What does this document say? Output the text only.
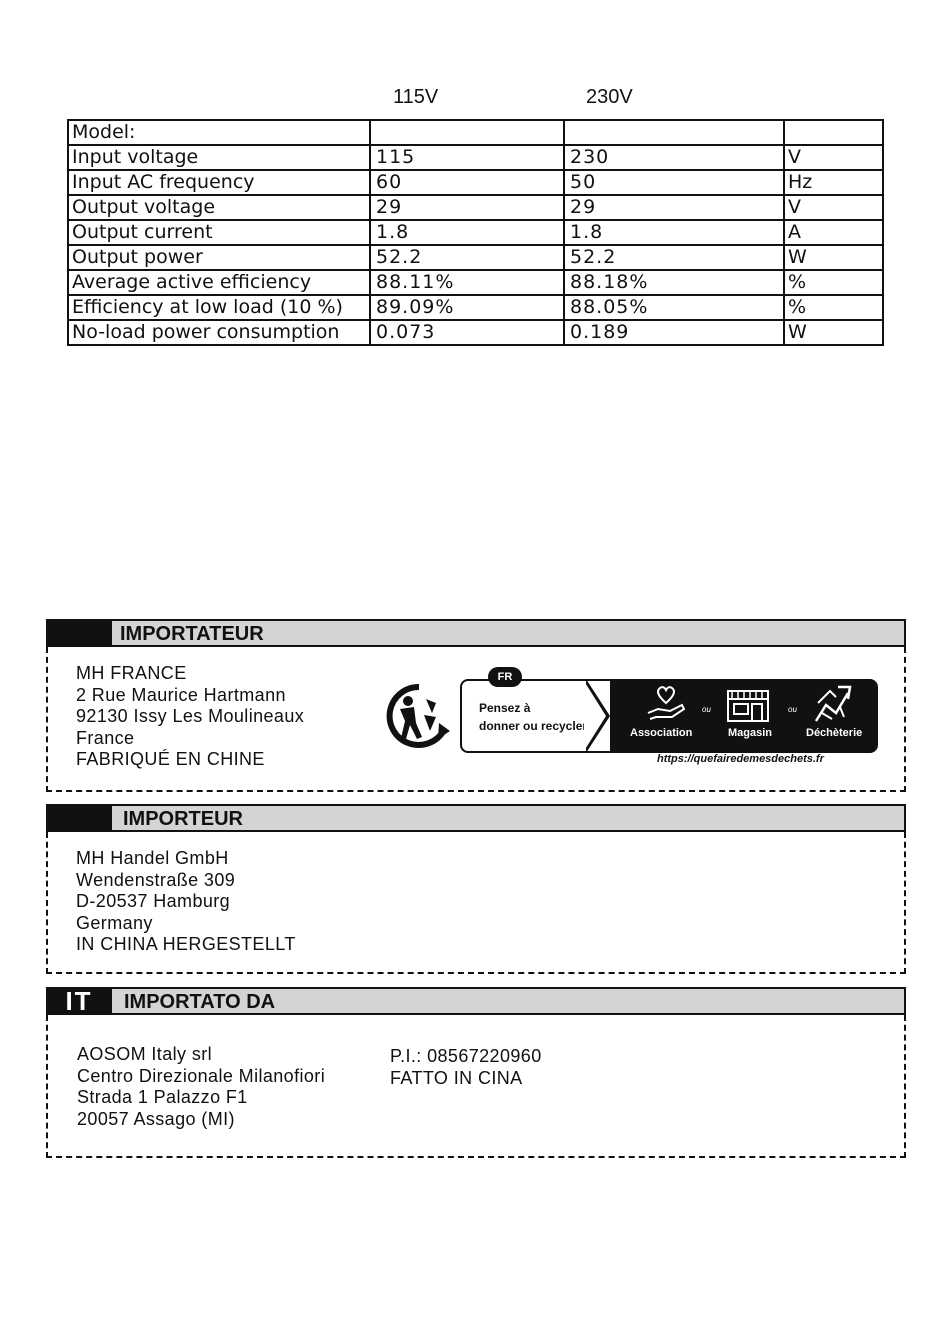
115V	230V
Model:			
Input voltage	115	230	V
Input AC frequency	60	50	Hz
Output voltage	29	29	V
Output current	1.8	1.8	A
Output power	52.2	52.2	W
Average active efficiency	88.11%	88.18%	%
Efficiency at low load (10 %)	89.09%	88.05%	%
No-load power consumption	0.073	0.189	W
IMPORTATEUR
MH FRANCE
2 Rue Maurice Hartmann
92130 Issy Les Moulineaux
France
FABRIQUÉ EN CHINE
FR
Pensez à
donner ou recycler.
ou	ou
Association	Magasin	Déchèterie
https://quefairedemesdechets.fr
IMPORTEUR
MH Handel GmbH
Wendenstraße 309
D-20537 Hamburg
Germany
IN CHINA HERGESTELLT
IT	IMPORTATO DA
AOSOM Italy srl
Centro Direzionale Milanofiori
Strada 1 Palazzo F1
20057 Assago (MI)
P.I.: 08567220960
FATTO IN CINA
